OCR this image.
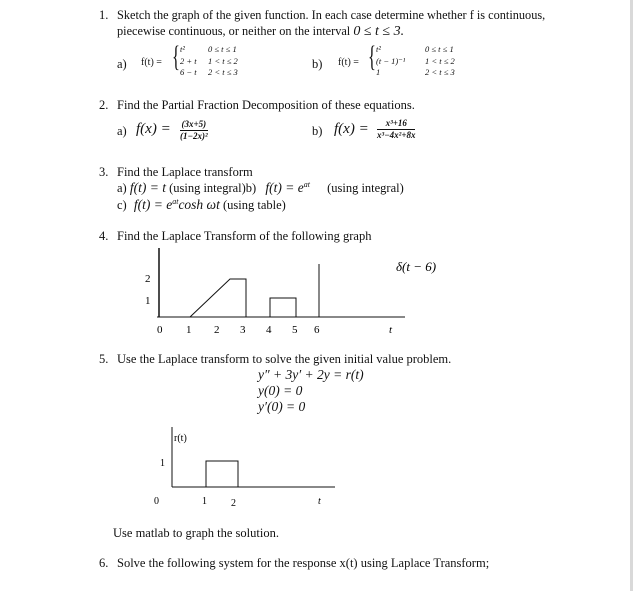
1. Sketch the graph of the given function. In each case determine whether f is continuous,
piecewise continuous, or neither on the interval 0 ≤ t ≤ 3.
a) f(t) = { t²	0 ≤ t ≤ 1
2 + t 1 < t ≤ 2
6 − t 2 < t ≤ 3
b) f(t) = { t²	0 ≤ t ≤ 1
(t − 1)⁻¹ 1 < t ≤ 2
1	2 < t ≤ 3
2. Find the Partial Fraction Decomposition of these equations.
a) $f(x) = \frac{(3x+5)}{\text{(1−2x)²}}$	b) $f(x) = \frac{\text{x³+16}}{\text{x³−4x²+8x}}$
3. Find the Laplace transform
a) f(t) = t (using integral)b) $f(t) = e^{at}$ (using integral)
c) $f(t) = e^{at}\cosh$ ωt (using table)
4. Find the Laplace Transform of the following graph
2
1
0 1 2 3 4 5 6	t
δ(t − 6)
r(t)
1
0	1 2	t
5. Use the Laplace transform to solve the given initial value problem.
y″ + 3y′ + 2y = r(t)
y(0) = 0
y′(0) = 0
Use matlab to graph the solution.
6. Solve the following system for the response x(t) using Laplace Transform;
